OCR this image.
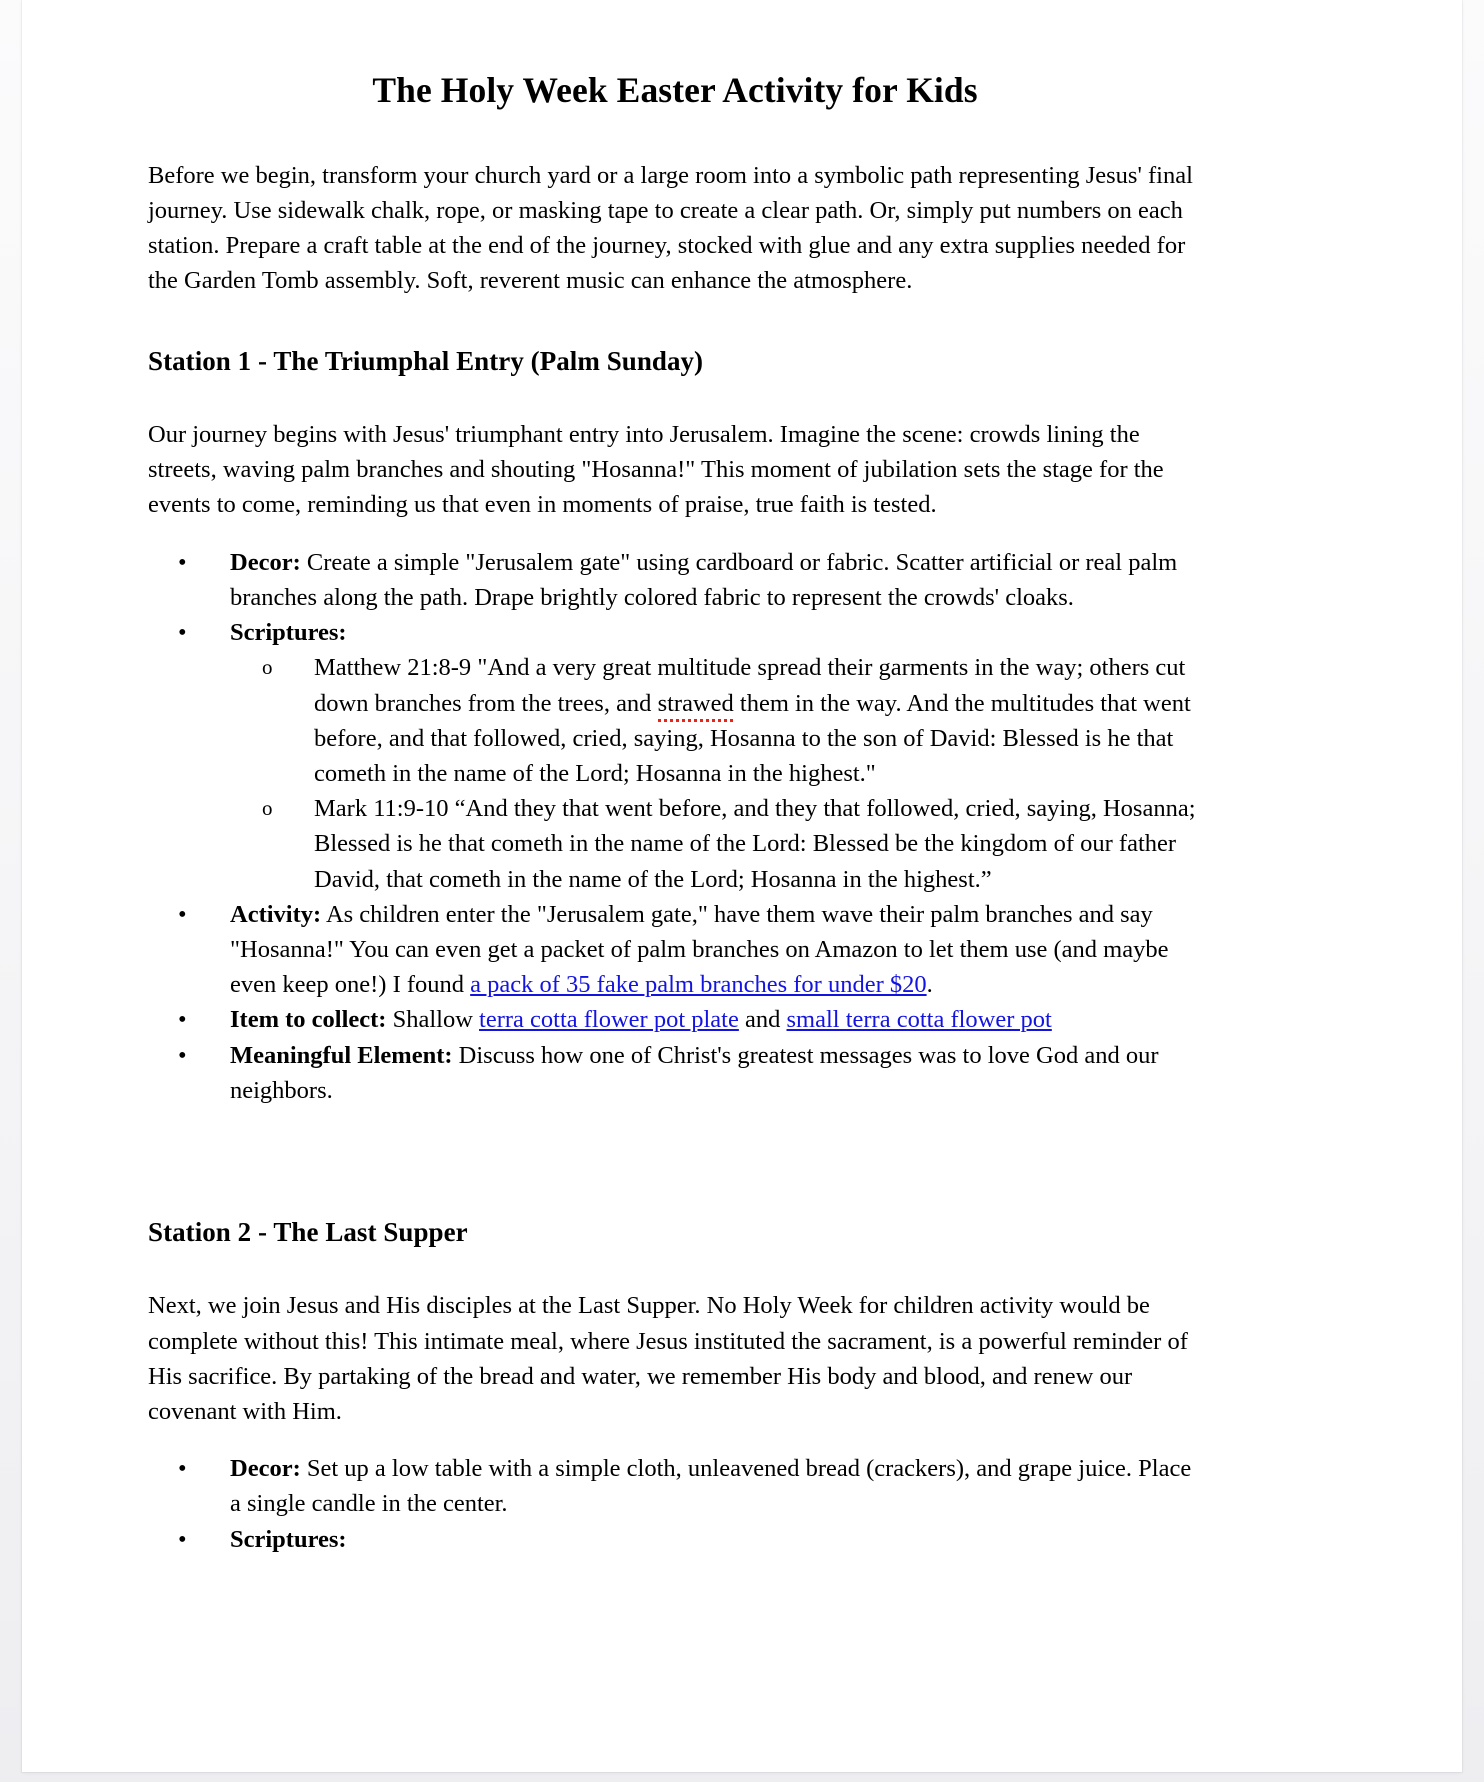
The Holy Week Easter Activity for Kids

Before we begin, transform your church yard or a large room into a symbolic path representing Jesus' final journey. Use sidewalk chalk, rope, or masking tape to create a clear path. Or, simply put numbers on each station. Prepare a craft table at the end of the journey, stocked with glue and any extra supplies needed for the Garden Tomb assembly. Soft, reverent music can enhance the atmosphere.

Station 1 - The Triumphal Entry (Palm Sunday)

Our journey begins with Jesus' triumphant entry into Jerusalem. Imagine the scene: crowds lining the streets, waving palm branches and shouting "Hosanna!" This moment of jubilation sets the stage for the events to come, reminding us that even in moments of praise, true faith is tested.

•	Decor: Create a simple "Jerusalem gate" using cardboard or fabric. Scatter artificial or real palm branches along the path. Drape brightly colored fabric to represent the crowds' cloaks.
•	Scriptures:
o Matthew 21:8-9 "And a very great multitude spread their garments in the way; others cut down branches from the trees, and strawed them in the way. And the multitudes that went before, and that followed, cried, saying, Hosanna to the son of David: Blessed is he that cometh in the name of the Lord; Hosanna in the highest."
o Mark 11:9-10 “And they that went before, and they that followed, cried, saying, Hosanna; Blessed is he that cometh in the name of the Lord: Blessed be the kingdom of our father David, that cometh in the name of the Lord; Hosanna in the highest.”
•	Activity: As children enter the "Jerusalem gate," have them wave their palm branches and say "Hosanna!" You can even get a packet of palm branches on Amazon to let them use (and maybe even keep one!) I found a pack of 35 fake palm branches for under $20.
•	Item to collect: Shallow terra cotta flower pot plate and small terra cotta flower pot
•	Meaningful Element: Discuss how one of Christ's greatest messages was to love God and our neighbors.
Station 2 - The Last Supper

Next, we join Jesus and His disciples at the Last Supper. No Holy Week for children activity would be complete without this! This intimate meal, where Jesus instituted the sacrament, is a powerful reminder of His sacrifice. By partaking of the bread and water, we remember His body and blood, and renew our covenant with Him.

•	Decor: Set up a low table with a simple cloth, unleavened bread (crackers), and grape juice. Place a single candle in the center.
•	Scriptures:
